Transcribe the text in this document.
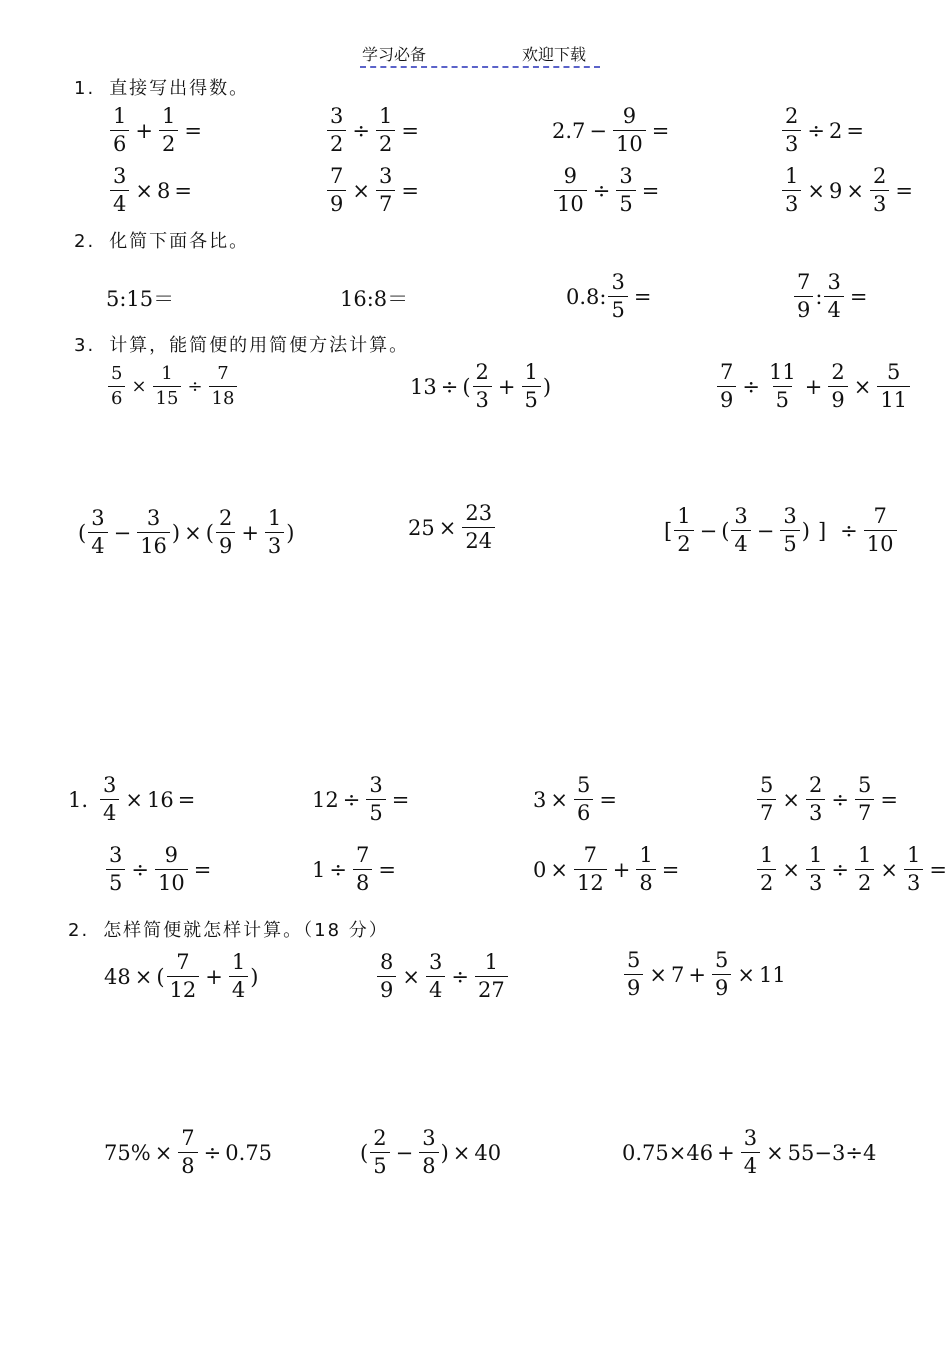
学习必备	欢迎下载
1. 直接写出得数。
$\frac{1}{6} + \frac{1}{2}$ =	$\frac{3}{2} \div \frac{1}{2}$ =	$2.7 - \frac{9}{10}$ =	$\frac{2}{3} \div 2$ =
$\frac{3}{4} \times 8$ =	$\frac{7}{9} \times \frac{3}{7}$ =	$\frac{9}{10} \div \frac{3}{5}$ =	$\frac{1}{3} \times 9 \times \frac{2}{3}$ =
2. 化简下面各比。
5:15＝	16:8＝	0.8: $\frac{3}{5}$ =	$\frac{7}{9}$ : $\frac{3}{4}$ =
3. 计算，能简便的用简便方法计算。
$\frac{5}{6} \times \frac{1}{15} \div \frac{7}{18}$	13 ÷ ( $\frac{2}{3} + \frac{1}{5}$ )	$\frac{7}{9} \div \frac{11}{5} + \frac{2}{9} \times \frac{5}{11}$
( $\frac{3}{4} - \frac{3}{16}$ ) × ( $\frac{2}{9} + \frac{1}{3}$ )	$25 \times \frac{23}{24}$	[ $\frac{1}{2}$ − ( $\frac{3}{4} - \frac{3}{5}$ ) ] ÷ $\frac{7}{10}$
1. $\frac{3}{4} \times 16$ =	$12 \div \frac{3}{5}$ =	$3 \times \frac{5}{6}$ =	$\frac{5}{7} \times \frac{2}{3} \div \frac{5}{7}$ =
$\frac{3}{5} \div \frac{9}{10}$ =	$1 \div \frac{7}{8}$ =	$0 \times \frac{7}{12} + \frac{1}{8}$ =	$\frac{1}{2} \times \frac{1}{3} \div \frac{1}{2} \times \frac{1}{3}$ =
2. 怎样简便就怎样计算。（18 分）
48 × ( $\frac{7}{12} + \frac{1}{4}$ )	$\frac{8}{9} \times \frac{3}{4} \div \frac{1}{27}$	$\frac{5}{9} \times 7 + \frac{5}{9} \times 11$
$75\% \times \frac{7}{8} \div 0.75$	( $\frac{2}{5} - \frac{3}{8}$ ) × 40	$0.75\times 46 + \frac{3}{4} \times 55-3\div 4$
